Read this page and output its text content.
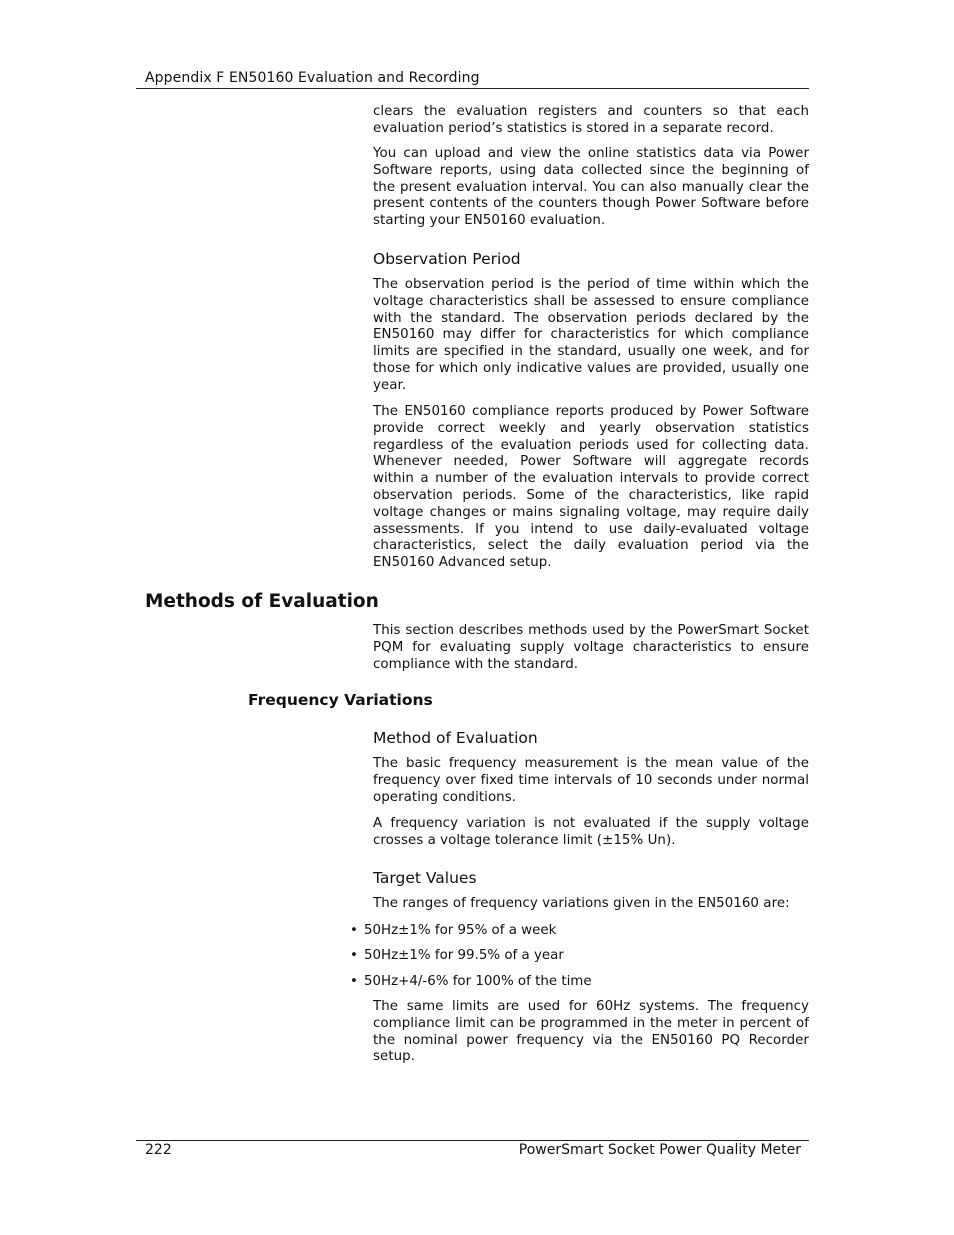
Appendix F EN50160 Evaluation and Recording

clears the evaluation registers and counters so that each evaluation period’s statistics is stored in a separate record.

You can upload and view the online statistics data via Power Software reports, using data collected since the beginning of the present evaluation interval. You can also manually clear the present contents of the counters though Power Software before starting your EN50160 evaluation.

Observation Period

The observation period is the period of time within which the voltage characteristics shall be assessed to ensure compliance with the standard. The observation periods declared by the EN50160 may differ for characteristics for which compliance limits are specified in the standard, usually one week, and for those for which only indicative values are provided, usually one year.

The EN50160 compliance reports produced by Power Software provide correct weekly and yearly observation statistics regardless of the evaluation periods used for collecting data. Whenever needed, Power Software will aggregate records within a number of the evaluation intervals to provide correct observation periods. Some of the characteristics, like rapid voltage changes or mains signaling voltage, may require daily assessments. If you intend to use daily-evaluated voltage characteristics, select the daily evaluation period via the EN50160 Advanced setup.

Methods of Evaluation

This section describes methods used by the PowerSmart Socket PQM for evaluating supply voltage characteristics to ensure compliance with the standard.

Frequency Variations
Method of Evaluation

The basic frequency measurement is the mean value of the frequency over fixed time intervals of 10 seconds under normal operating conditions.

A frequency variation is not evaluated if the supply voltage crosses a voltage tolerance limit (±15% Un).

Target Values

The ranges of frequency variations given in the EN50160 are:

• 50Hz±1% for 95% of a week
• 50Hz±1% for 99.5% of a year
• 50Hz+4/-6% for 100% of the time

The same limits are used for 60Hz systems. The frequency compliance limit can be programmed in the meter in percent of the nominal power frequency via the EN50160 PQ Recorder setup.

222	PowerSmart Socket Power Quality Meter
